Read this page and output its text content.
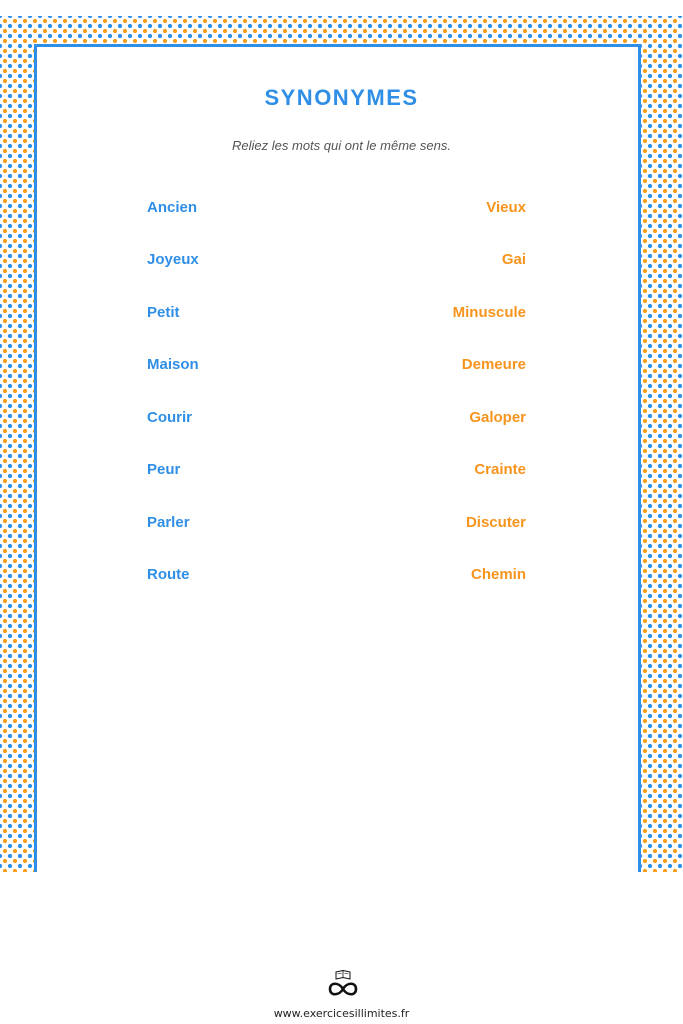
SYNONYMES
Reliez les mots qui ont le même sens.
Ancien	Vieux
Joyeux	Gai
Petit	Minuscule
Maison	Demeure
Courir	Galoper
Peur	Crainte
Parler	Discuter
Route	Chemin
www.exercicesillimites.fr
